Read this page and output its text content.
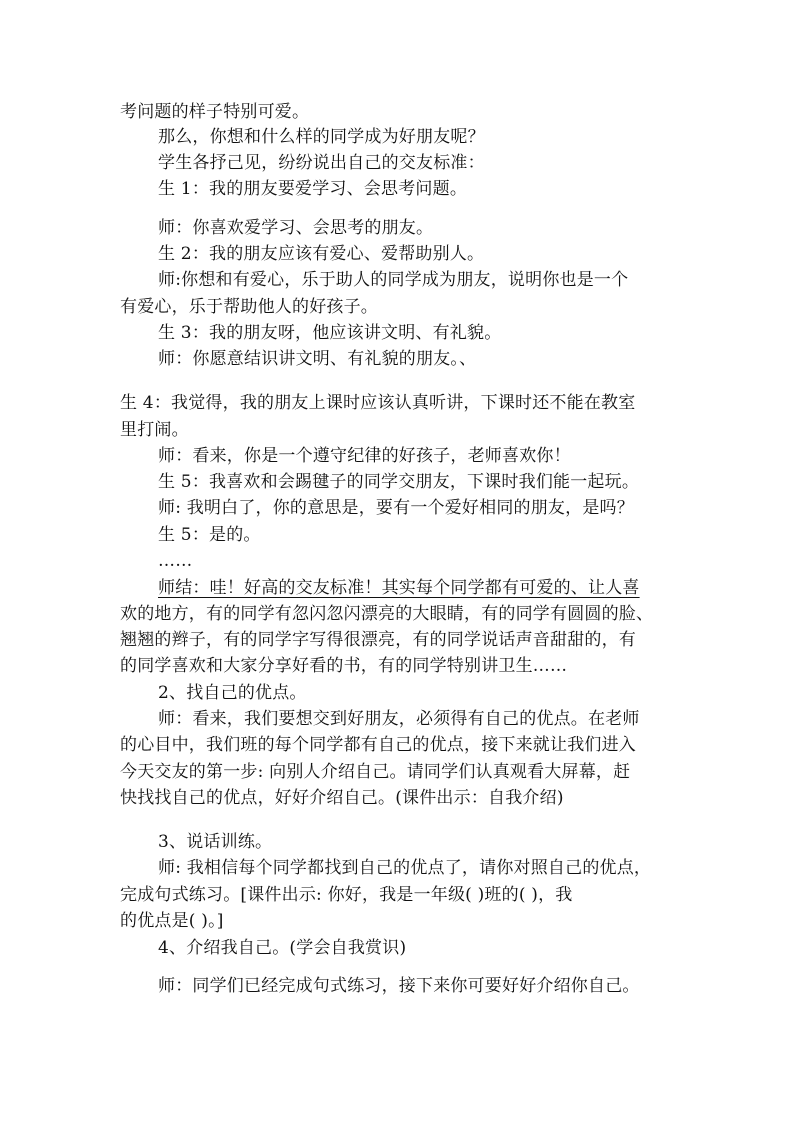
考问题的样子特别可爱。
那么，你想和什么样的同学成为好朋友呢？
学生各抒己见，纷纷说出自己的交友标准：
生 1：我的朋友要爱学习、会思考问题。
师：你喜欢爱学习、会思考的朋友。
生 2：我的朋友应该有爱心、爱帮助别人。
师:你想和有爱心，乐于助人的同学成为朋友，说明你也是一个
有爱心，乐于帮助他人的好孩子。
生 3：我的朋友呀，他应该讲文明、有礼貌。
师：你愿意结识讲文明、有礼貌的朋友。、
生 4：我觉得，我的朋友上课时应该认真听讲，下课时还不能在教室
里打闹。
师：看来，你是一个遵守纪律的好孩子，老师喜欢你！
生 5：我喜欢和会踢毽子的同学交朋友，下课时我们能一起玩。
师: 我明白了，你的意思是，要有一个爱好相同的朋友，是吗？
生 5：是的。
……
师结：哇！好高的交友标准！其实每个同学都有可爱的、让人喜
欢的地方，有的同学有忽闪忽闪漂亮的大眼睛，有的同学有圆圆的脸、
翘翘的辫子，有的同学字写得很漂亮，有的同学说话声音甜甜的，有
的同学喜欢和大家分享好看的书，有的同学特别讲卫生……
2、找自己的优点。
师：看来，我们要想交到好朋友，必须得有自己的优点。在老师
的心目中，我们班的每个同学都有自己的优点，接下来就让我们进入
今天交友的第一步: 向别人介绍自己。请同学们认真观看大屏幕，赶
快找找自己的优点，好好介绍自己。(课件出示：自我介绍)
3、说话训练。
师: 我相信每个同学都找到自己的优点了，请你对照自己的优点，
完成句式练习。[课件出示: 你好，我是一年级( )班的( )，我
的优点是( )。]
4、介绍我自己。(学会自我赏识)
师：同学们已经完成句式练习，接下来你可要好好介绍你自己。
